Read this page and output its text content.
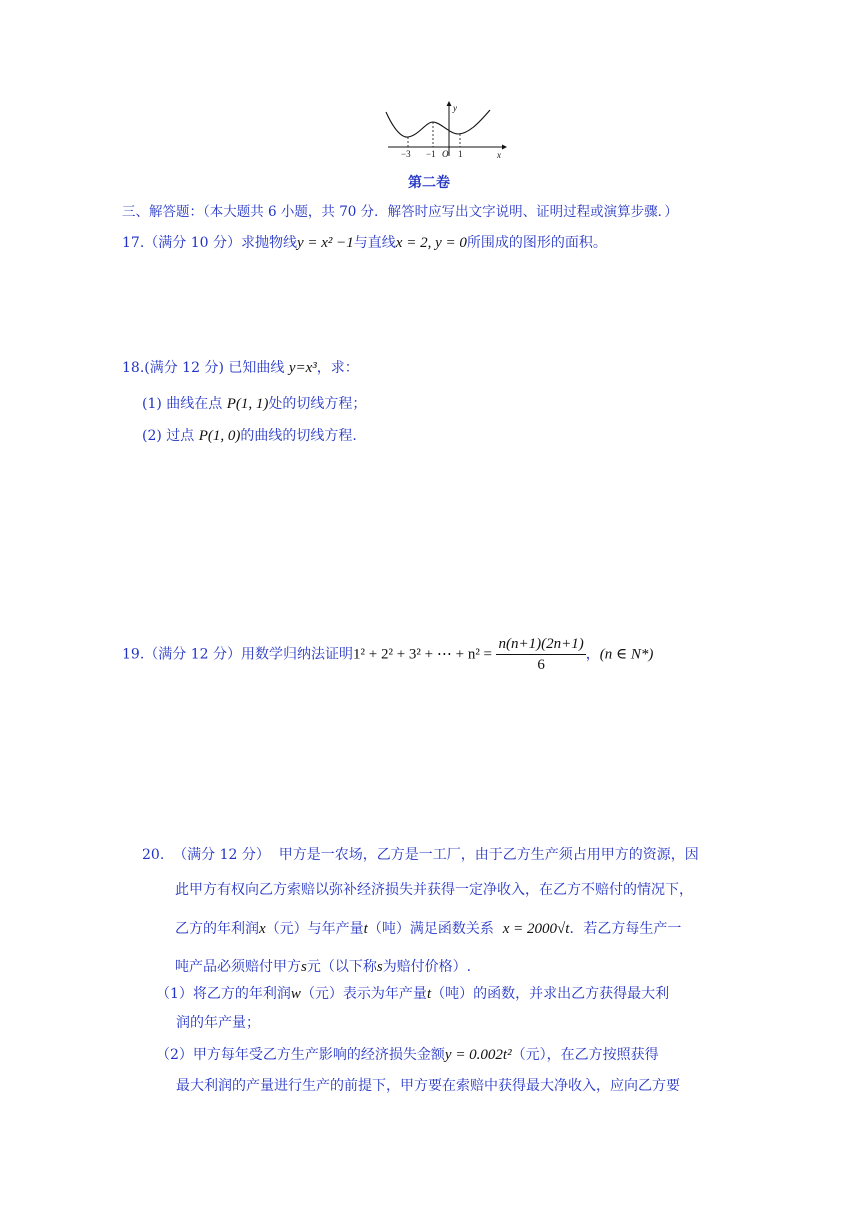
−3 −1 O 1	x
y
第二卷
三、解答题：（本大题共 6 小题，共 70 分．解答时应写出文字说明、证明过程或演算步骤．）
17.（满分 10 分）求抛物线y = x² −1与直线x = 2, y = 0所围成的图形的面积。
18.(满分 12 分) 已知曲线 y=x³，求：
(1) 曲线在点 P(1, 1)处的切线方程；
(2) 过点 P(1, 0)的曲线的切线方程.
19.（满分 12 分）用数学归纳法证明1² + 2² + 3² + ⋯ + $n^2 = \frac{n(n+1)(2n+1)}{6}$ ，(n ∈ N*)
20. （满分 12 分） 甲方是一农场，乙方是一工厂，由于乙方生产须占用甲方的资源，因
此甲方有权向乙方索赔以弥补经济损失并获得一定净收入，在乙方不赔付的情况下，
乙方的年利润x（元）与年产量t（吨）满足函数关系 x = 2000√t．若乙方每生产一
吨产品必须赔付甲方s元（以下称s为赔付价格）.
（1）将乙方的年利润w（元）表示为年产量t（吨）的函数，并求出乙方获得最大利
润的年产量；
（2）甲方每年受乙方生产影响的经济损失金额y = 0.002t²（元），在乙方按照获得
最大利润的产量进行生产的前提下，甲方要在索赔中获得最大净收入，应向乙方要
